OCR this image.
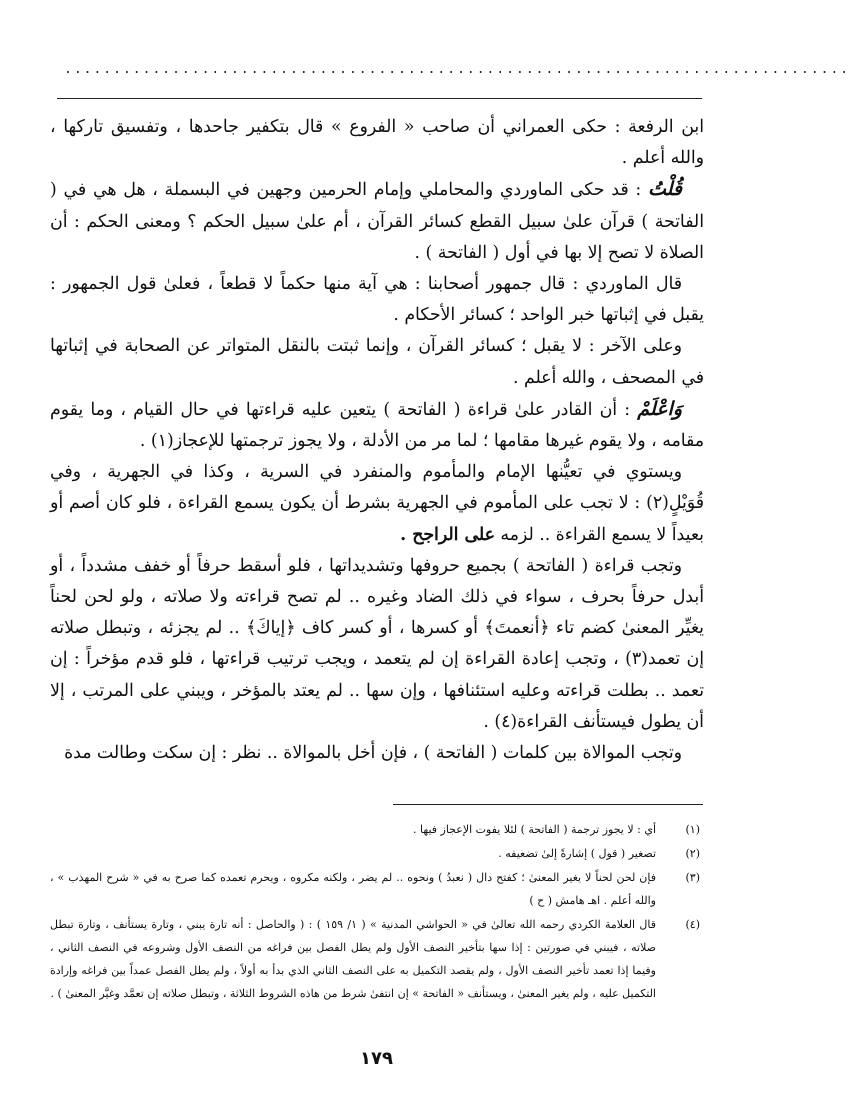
................................................................................

ابن الرفعة : حكى العمراني أن صاحب « الفروع » قال بتكفير جاحدها ، وتفسيق تاركها ، والله أعلم .

قُلْتُ : قد حكى الماوردي والمحاملي وإمام الحرمين وجهين في البسملة ، هل هي في ( الفاتحة ) قرآن علىٰ سبيل القطع كسائر القرآن ، أم علىٰ سبيل الحكم ؟ ومعنى الحكم : أن الصلاة لا تصح إلا بها في أول ( الفاتحة ) .

قال الماوردي : قال جمهور أصحابنا : هي آية منها حكماً لا قطعاً ، فعلىٰ قول الجمهور : يقبل في إثباتها خبر الواحد ؛ كسائر الأحكام .

وعلى الآخر : لا يقبل ؛ كسائر القرآن ، وإنما ثبتت بالنقل المتواتر عن الصحابة في إثباتها في المصحف ، والله أعلم .

وَاعْلَمْ : أن القادر علىٰ قراءة ( الفاتحة ) يتعين عليه قراءتها في حال القيام ، وما يقوم مقامه ، ولا يقوم غيرها مقامها ؛ لما مر من الأدلة ، ولا يجوز ترجمتها للإعجاز(١) .

ويستوي في تعيُّنها الإمام والمأموم والمنفرد في السرية ، وكذا في الجهرية ، وفي قُوَيْلٍ(٢) : لا تجب على المأموم في الجهرية بشرط أن يكون يسمع القراءة ، فلو كان أصم أو بعيداً لا يسمع القراءة .. لزمه على الراجح .

وتجب قراءة ( الفاتحة ) بجميع حروفها وتشديداتها ، فلو أسقط حرفاً أو خفف مشدداً ، أو أبدل حرفاً بحرف ، سواء في ذلك الضاد وغيره .. لم تصح قراءته ولا صلاته ، ولو لحن لحناً يغيِّر المعنىٰ كضم تاء ﴿أنعمتَ﴾ أو كسرها ، أو كسر كاف ﴿إياكَ﴾ .. لم يجزئه ، وتبطل صلاته إن تعمد(٣) ، وتجب إعادة القراءة إن لم يتعمد ، ويجب ترتيب قراءتها ، فلو قدم مؤخراً : إن تعمد .. بطلت قراءته وعليه استئنافها ، وإن سها .. لم يعتد بالمؤخر ، ويبني على المرتب ، إلا أن يطول فيستأنف القراءة(٤) .

وتجب الموالاة بين كلمات ( الفاتحة ) ، فإن أخل بالموالاة .. نظر : إن سكت وطالت مدة

(١)
أي : لا يجوز ترجمة ( الفاتحة ) لئلا يفوت الإعجاز فيها .
(٢)
تصغير ( قول ) إشارةً إلىٰ تضعيفه .
(٣)
فإن لحن لحناً لا يغير المعنىٰ ؛ كفتح دال ( نعبدُ ) ونحوه .. لم يضر ، ولكنه مكروه ، ويحرم تعمده كما صرح به في « شرح المهذب » ، والله أعلم . اهـ هامش ( ح )
(٤)
قال العلامة الكردي رحمه الله تعالىٰ في « الحواشي المدنية » ( ١/ ١٥٩ ) : ( والحاصل : أنه تارة يبني ، وتارة يستأنف ، وتارة تبطل صلاته ، فيبني في صورتين : إذا سها بتأخير النصف الأول ولم يطل الفصل بين فراغه من النصف الأول وشروعه في النصف الثاني ، وفيما إذا تعمد تأخير النصف الأول ، ولم يقصد التكميل به على النصف الثاني الذي بدأ به أولاً ، ولم يطل الفصل عمداً بين فراغه وإرادة التكميل عليه ، ولم يغير المعنىٰ ، ويستأنف « الفاتحة » إن انتفىٰ شرط من هاذه الشروط الثلاثة ، وتبطل صلاته إن تعمَّد وغيَّر المعنىٰ ) .
١٧٩
